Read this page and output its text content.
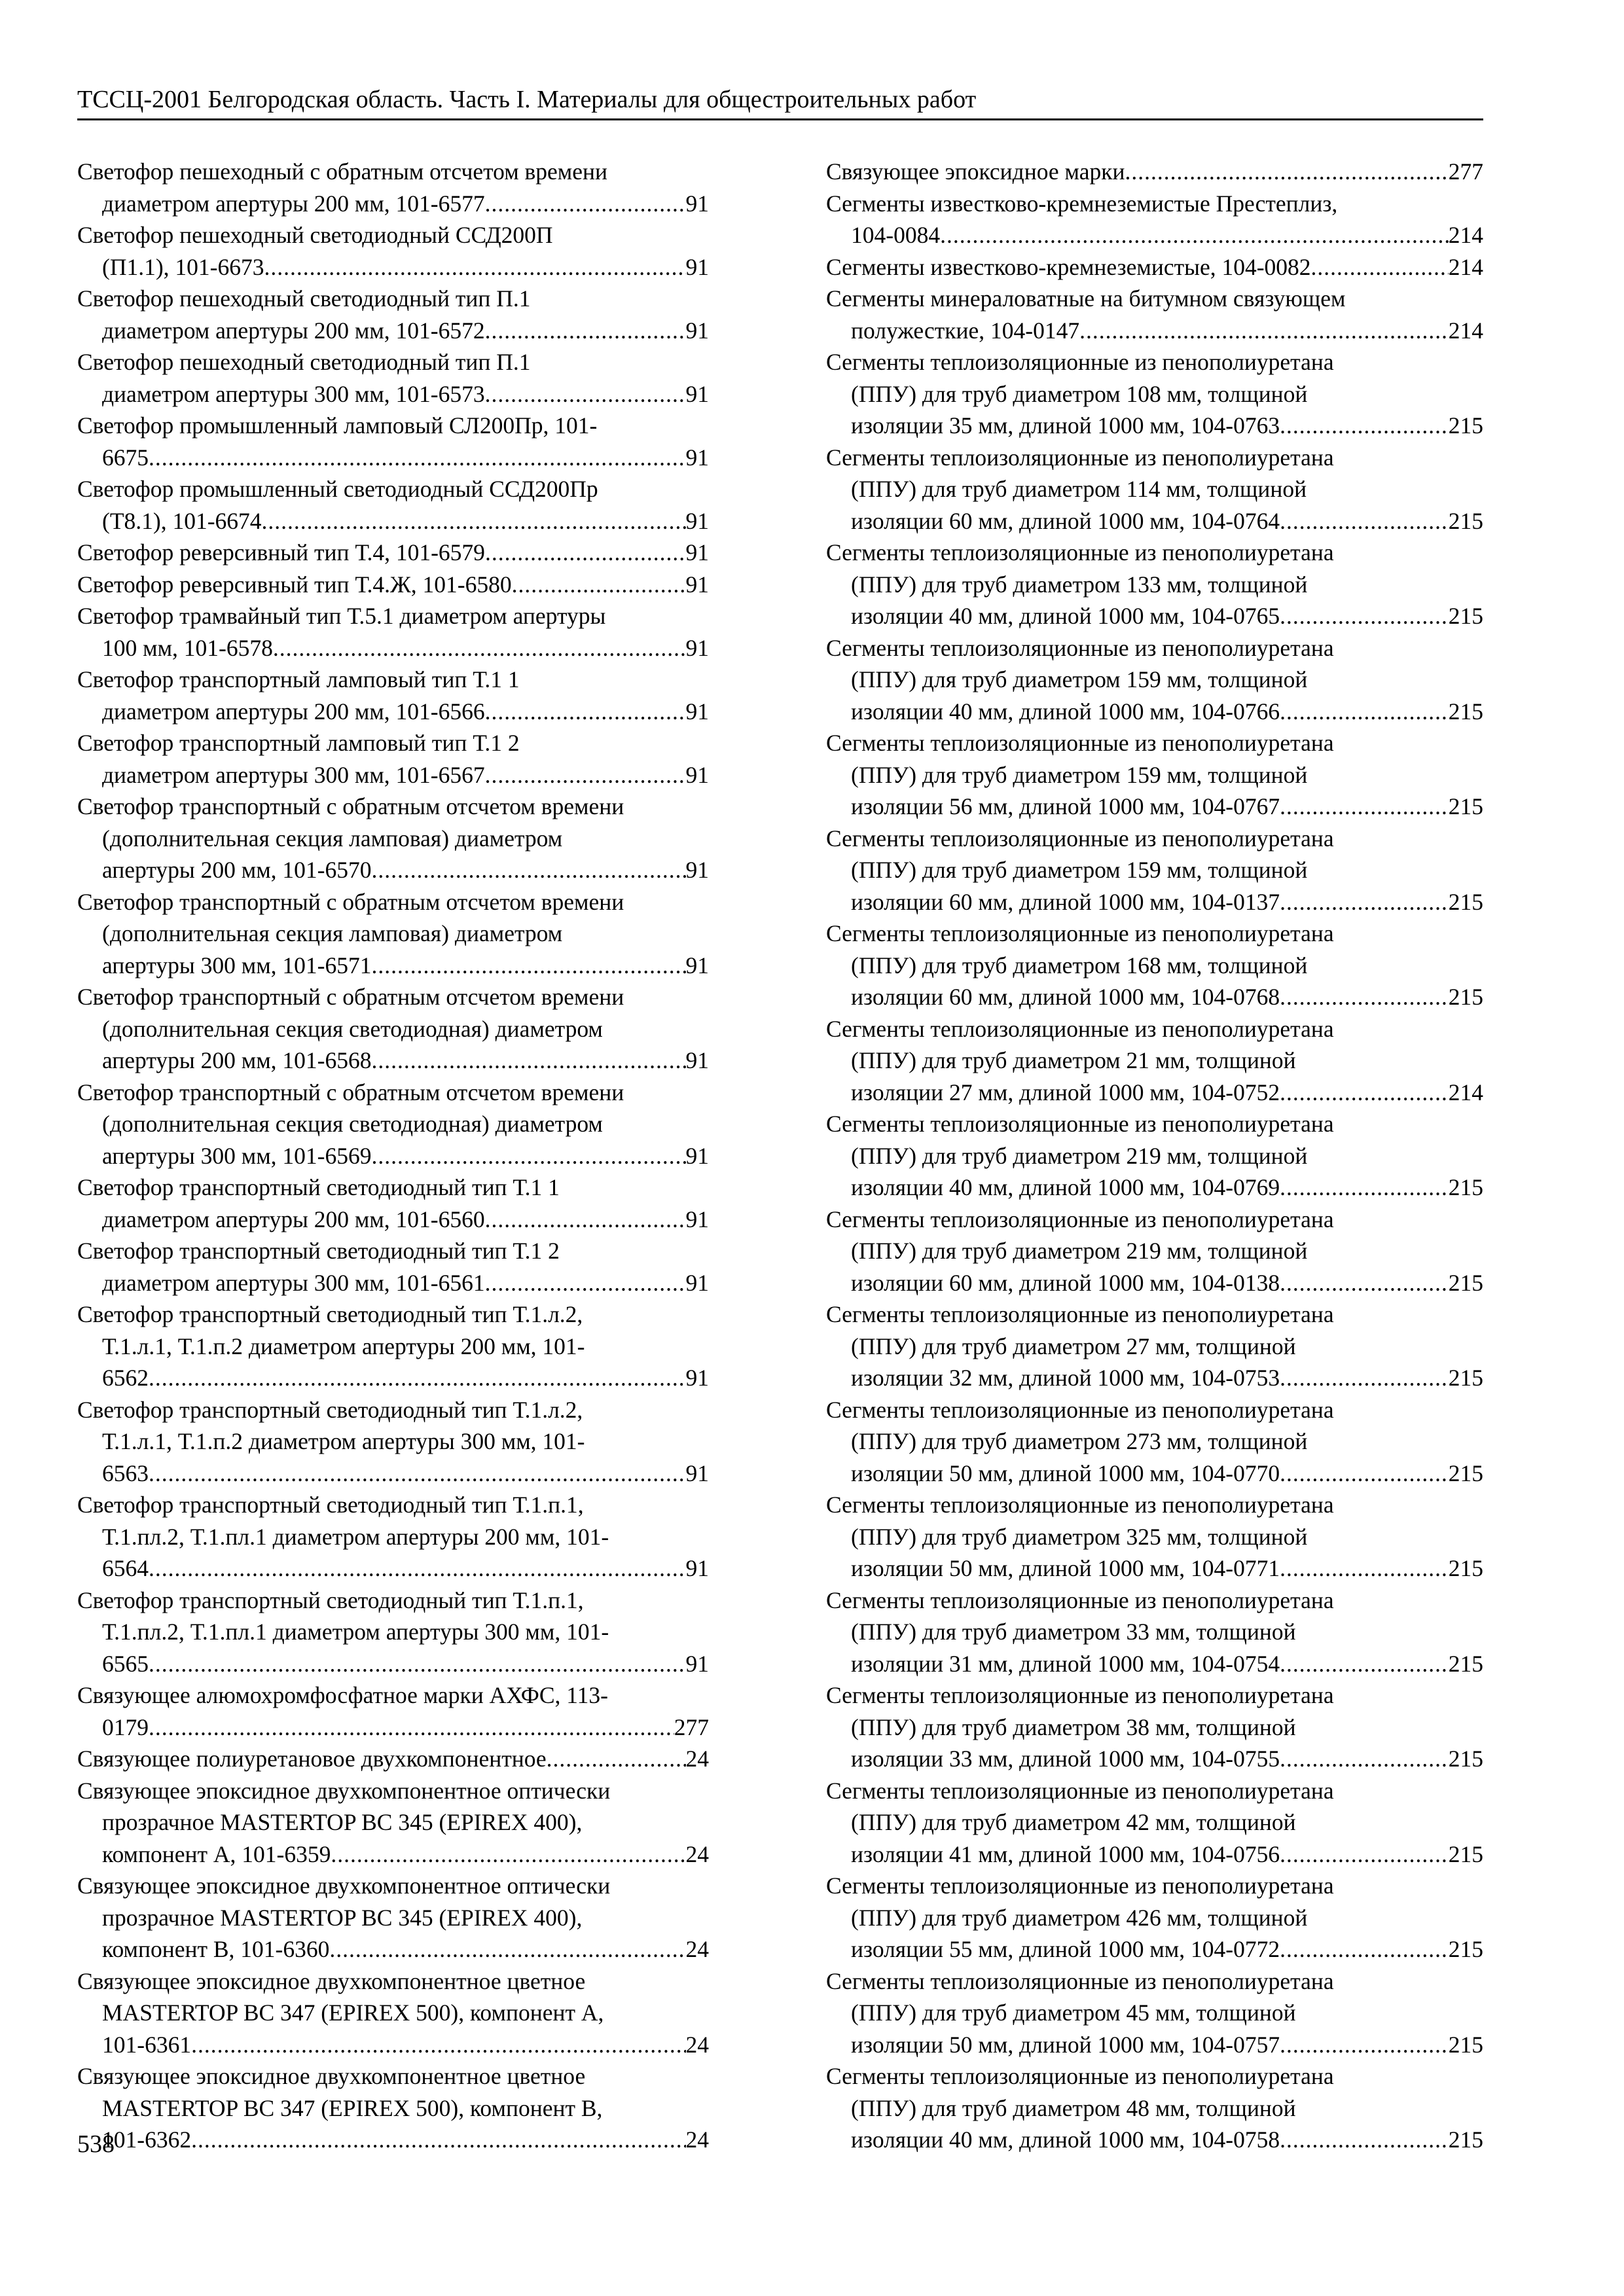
ТССЦ-2001 Белгородская область. Часть I. Материалы для общестроительных работ
Светофор пешеходный с обратным отсчетом времени
диаметром апертуры 200 мм, 101-6577 .....	91
Светофор пешеходный светодиодный ССД200П
(П1.1), 101-6673 .....	91
Светофор пешеходный светодиодный тип П.1
диаметром апертуры 200 мм, 101-6572 .....	91
Светофор пешеходный светодиодный тип П.1
диаметром апертуры 300 мм, 101-6573 .....	91
Светофор промышленный ламповый СЛ200Пр, 101-
6675 .....	91
Светофор промышленный светодиодный ССД200Пр
(Т8.1), 101-6674 .....	91
Светофор реверсивный тип Т.4, 101-6579 .....	91
Светофор реверсивный тип Т.4.Ж, 101-6580 .....	91
Светофор трамвайный тип Т.5.1 диаметром апертуры
100 мм, 101-6578 .....	91
Светофор транспортный ламповый тип Т.1 1
диаметром апертуры 200 мм, 101-6566 .....	91
Светофор транспортный ламповый тип Т.1 2
диаметром апертуры 300 мм, 101-6567 .....	91
Светофор транспортный с обратным отсчетом времени
(дополнительная секция ламповая) диаметром
апертуры 200 мм, 101-6570 .....	91
Светофор транспортный с обратным отсчетом времени
(дополнительная секция ламповая) диаметром
апертуры 300 мм, 101-6571 .....	91
Светофор транспортный с обратным отсчетом времени
(дополнительная секция светодиодная) диаметром
апертуры 200 мм, 101-6568 .....	91
Светофор транспортный с обратным отсчетом времени
(дополнительная секция светодиодная) диаметром
апертуры 300 мм, 101-6569 .....	91
Светофор транспортный светодиодный тип Т.1 1
диаметром апертуры 200 мм, 101-6560 .....	91
Светофор транспортный светодиодный тип Т.1 2
диаметром апертуры 300 мм, 101-6561 .....	91
Светофор транспортный светодиодный тип Т.1.л.2,
Т.1.л.1, Т.1.п.2 диаметром апертуры 200 мм, 101-
6562 .....	91
Светофор транспортный светодиодный тип Т.1.л.2,
Т.1.л.1, Т.1.п.2 диаметром апертуры 300 мм, 101-
6563 .....	91
Светофор транспортный светодиодный тип Т.1.п.1,
Т.1.пл.2, Т.1.пл.1 диаметром апертуры 200 мм, 101-
6564 .....	91
Светофор транспортный светодиодный тип Т.1.п.1,
Т.1.пл.2, Т.1.пл.1 диаметром апертуры 300 мм, 101-
6565 .....	91
Связующее алюмохромфосфатное марки АХФС, 113-
0179 .....	277
Связующее полиуретановое двухкомпонентное .....	24
Связующее эпоксидное двухкомпонентное оптически
прозрачное MASTERTOP BC 345 (EPIREX 400),
компонент А, 101-6359 .....	24
Связующее эпоксидное двухкомпонентное оптически
прозрачное MASTERTOP BC 345 (EPIREX 400),
компонент В, 101-6360 .....	24
Связующее эпоксидное двухкомпонентное цветное
MASTERTOP BC 347 (EPIREX 500), компонент А,
101-6361 .....	24
Связующее эпоксидное двухкомпонентное цветное
MASTERTOP BC 347 (EPIREX 500), компонент В,
101-6362 .....	24
Связующее эпоксидное марки .....	277
Сегменты известково-кремнеземистые Престеплиз,
104-0084 .....	214
Сегменты известково-кремнеземистые, 104-0082 .....	214
Сегменты минераловатные на битумном связующем
полужесткие, 104-0147 .....	214
Сегменты теплоизоляционные из пенополиуретана
(ППУ) для труб диаметром 108 мм, толщиной
изоляции 35 мм, длиной 1000 мм, 104-0763 .....	215
Сегменты теплоизоляционные из пенополиуретана
(ППУ) для труб диаметром 114 мм, толщиной
изоляции 60 мм, длиной 1000 мм, 104-0764 .....	215
Сегменты теплоизоляционные из пенополиуретана
(ППУ) для труб диаметром 133 мм, толщиной
изоляции 40 мм, длиной 1000 мм, 104-0765 .....	215
Сегменты теплоизоляционные из пенополиуретана
(ППУ) для труб диаметром 159 мм, толщиной
изоляции 40 мм, длиной 1000 мм, 104-0766 .....	215
Сегменты теплоизоляционные из пенополиуретана
(ППУ) для труб диаметром 159 мм, толщиной
изоляции 56 мм, длиной 1000 мм, 104-0767 .....	215
Сегменты теплоизоляционные из пенополиуретана
(ППУ) для труб диаметром 159 мм, толщиной
изоляции 60 мм, длиной 1000 мм, 104-0137 .....	215
Сегменты теплоизоляционные из пенополиуретана
(ППУ) для труб диаметром 168 мм, толщиной
изоляции 60 мм, длиной 1000 мм, 104-0768 .....	215
Сегменты теплоизоляционные из пенополиуретана
(ППУ) для труб диаметром 21 мм, толщиной
изоляции 27 мм, длиной 1000 мм, 104-0752 .....	214
Сегменты теплоизоляционные из пенополиуретана
(ППУ) для труб диаметром 219 мм, толщиной
изоляции 40 мм, длиной 1000 мм, 104-0769 .....	215
Сегменты теплоизоляционные из пенополиуретана
(ППУ) для труб диаметром 219 мм, толщиной
изоляции 60 мм, длиной 1000 мм, 104-0138 .....	215
Сегменты теплоизоляционные из пенополиуретана
(ППУ) для труб диаметром 27 мм, толщиной
изоляции 32 мм, длиной 1000 мм, 104-0753 .....	215
Сегменты теплоизоляционные из пенополиуретана
(ППУ) для труб диаметром 273 мм, толщиной
изоляции 50 мм, длиной 1000 мм, 104-0770 .....	215
Сегменты теплоизоляционные из пенополиуретана
(ППУ) для труб диаметром 325 мм, толщиной
изоляции 50 мм, длиной 1000 мм, 104-0771 .....	215
Сегменты теплоизоляционные из пенополиуретана
(ППУ) для труб диаметром 33 мм, толщиной
изоляции 31 мм, длиной 1000 мм, 104-0754 .....	215
Сегменты теплоизоляционные из пенополиуретана
(ППУ) для труб диаметром 38 мм, толщиной
изоляции 33 мм, длиной 1000 мм, 104-0755 .....	215
Сегменты теплоизоляционные из пенополиуретана
(ППУ) для труб диаметром 42 мм, толщиной
изоляции 41 мм, длиной 1000 мм, 104-0756 .....	215
Сегменты теплоизоляционные из пенополиуретана
(ППУ) для труб диаметром 426 мм, толщиной
изоляции 55 мм, длиной 1000 мм, 104-0772 .....	215
Сегменты теплоизоляционные из пенополиуретана
(ППУ) для труб диаметром 45 мм, толщиной
изоляции 50 мм, длиной 1000 мм, 104-0757 .....	215
Сегменты теплоизоляционные из пенополиуретана
(ППУ) для труб диаметром 48 мм, толщиной
изоляции 40 мм, длиной 1000 мм, 104-0758 .....	215
538
